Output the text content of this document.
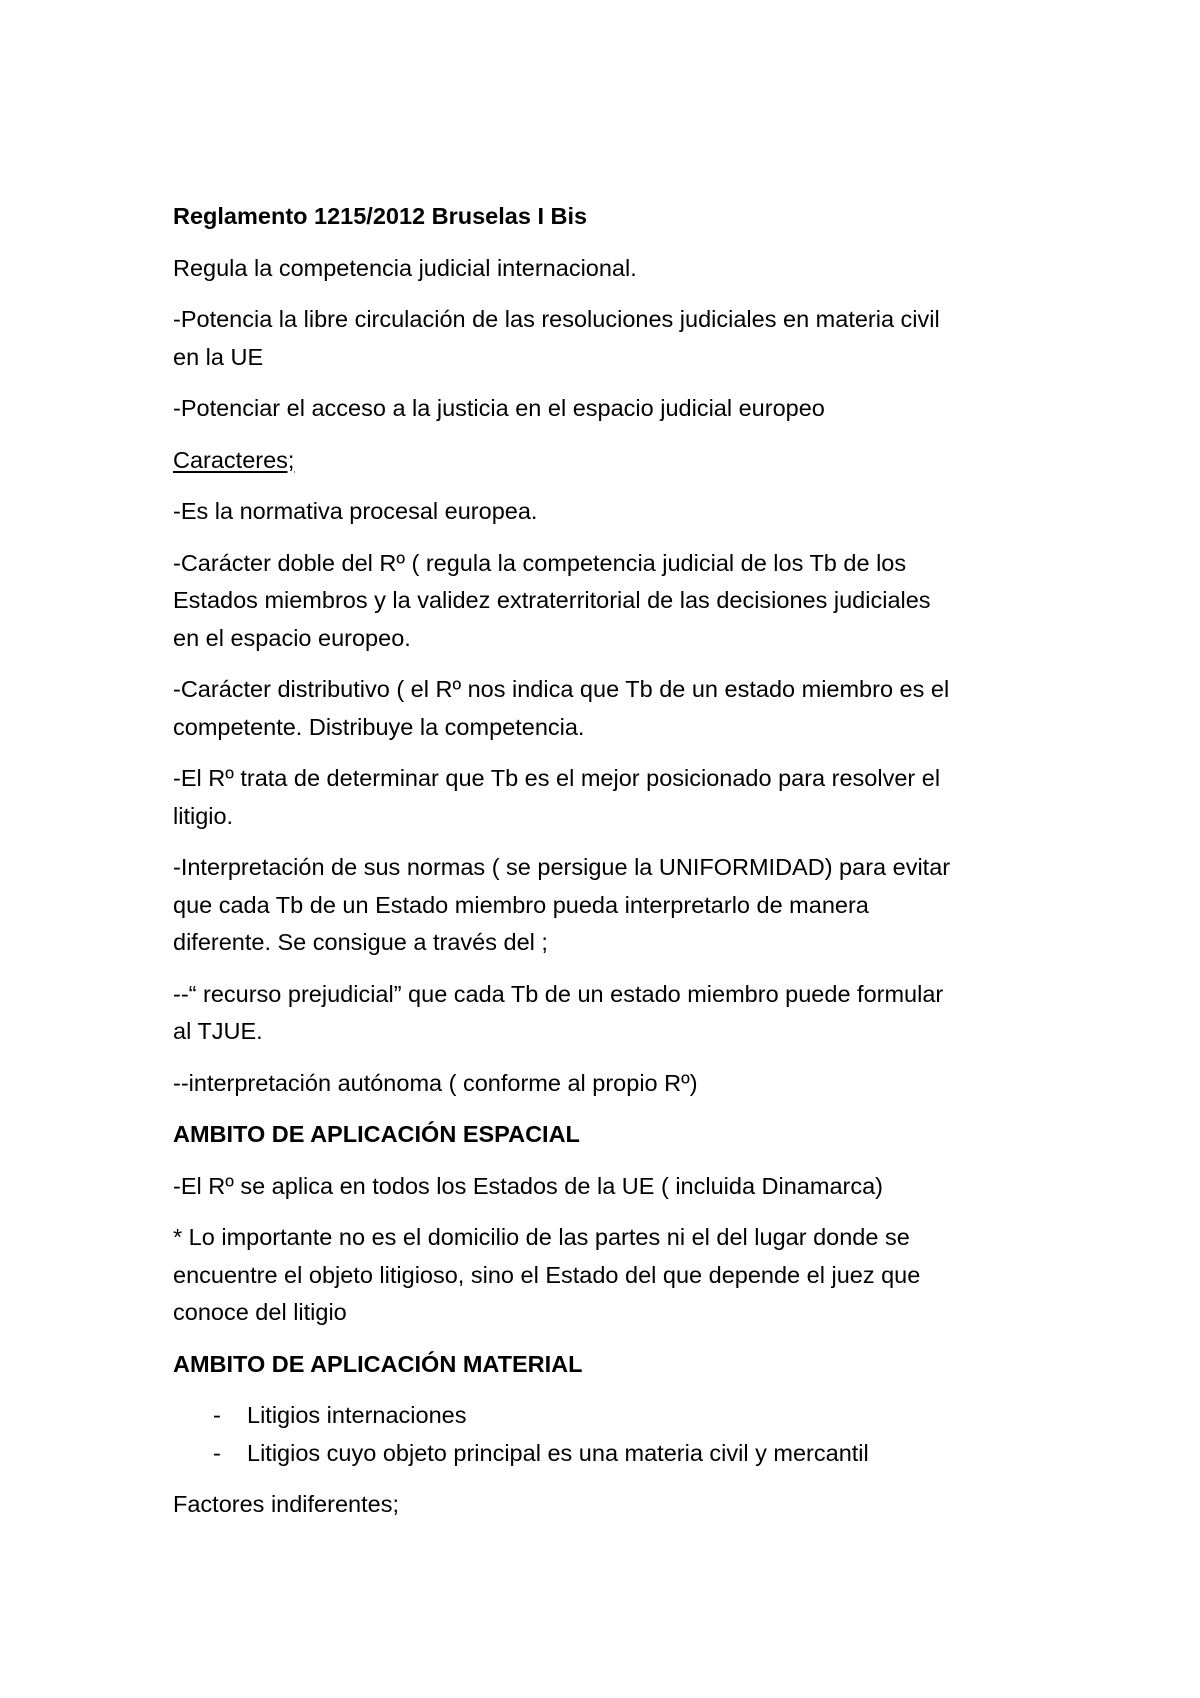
Reglamento 1215/2012 Bruselas I Bis
Regula la competencia judicial internacional.
-Potencia la libre circulación de las resoluciones judiciales en materia civil
en la UE
-Potenciar el acceso a la justicia en el espacio judicial europeo
Caracteres;
-Es la normativa procesal europea.
-Carácter doble del Rº ( regula la competencia judicial de los Tb de los
Estados miembros y la validez extraterritorial de las decisiones judiciales
en el espacio europeo.
-Carácter distributivo ( el Rº nos indica que Tb de un estado miembro es el
competente. Distribuye la competencia.
-El Rº trata de determinar que Tb es el mejor posicionado para resolver el
litigio.
-Interpretación de sus normas ( se persigue la UNIFORMIDAD) para evitar
que cada Tb de un Estado miembro pueda interpretarlo de manera
diferente. Se consigue a través del ;
--“ recurso prejudicial” que cada Tb de un estado miembro puede formular
al TJUE.
--interpretación autónoma ( conforme al propio Rº)
AMBITO DE APLICACIÓN ESPACIAL
-El Rº se aplica en todos los Estados de la UE ( incluida Dinamarca)
* Lo importante no es el domicilio de las partes ni el del lugar donde se
encuentre el objeto litigioso, sino el Estado del que depende el juez que
conoce del litigio
AMBITO DE APLICACIÓN MATERIAL
-	Litigios internaciones
-	Litigios cuyo objeto principal es una materia civil y mercantil
Factores indiferentes;
